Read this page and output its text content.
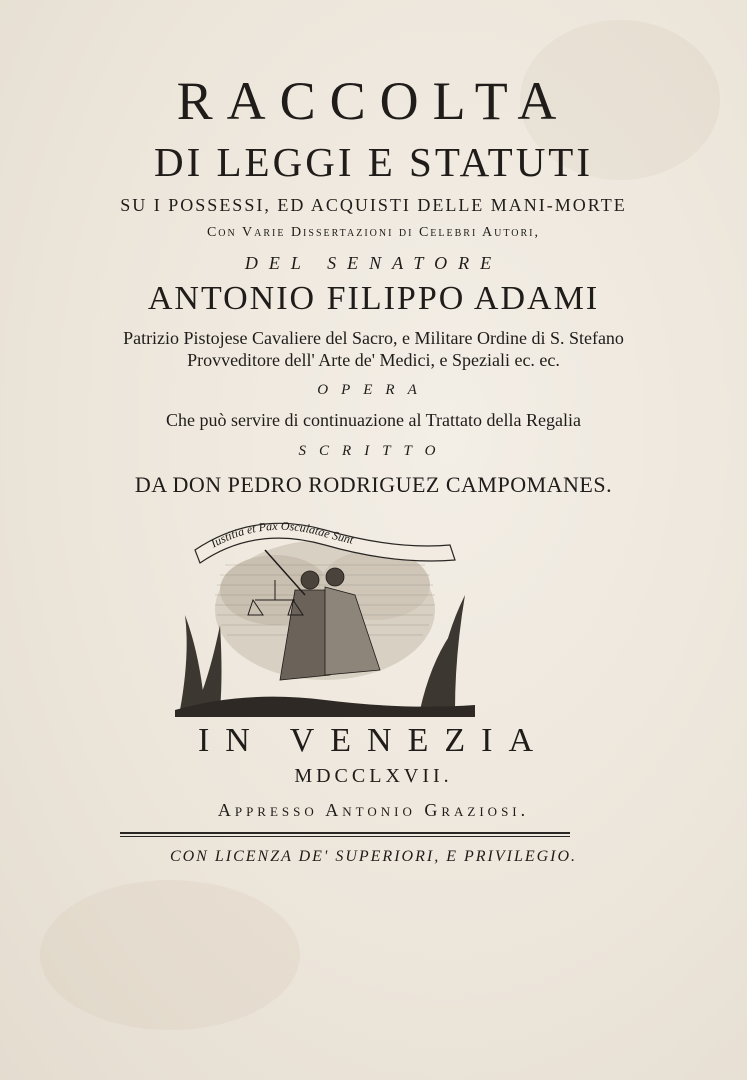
RACCOLTA
DI LEGGI E STATUTI
SU I POSSESSI, ED ACQUISTI DELLE MANI-MORTE
Con Varie Dissertazioni di Celebri Autori,
DEL SENATORE
ANTONIO FILIPPO ADAMI
Patrizio Pistojese Cavaliere del Sacro, e Militare Ordine di S. Stefano
Provveditore dell' Arte de' Medici, e Speziali ec. ec.
OPERA
Che può servire di continuazione al Trattato della Regalia
SCRITTO
DA DON PEDRO RODRIGUEZ CAMPOMANES.
Iustitia et Pax Osculatae Sunt
IN VENEZIA
MDCCLXVII.
Appresso Antonio Graziosi.
CON LICENZA DE' SUPERIORI, E PRIVILEGIO.
